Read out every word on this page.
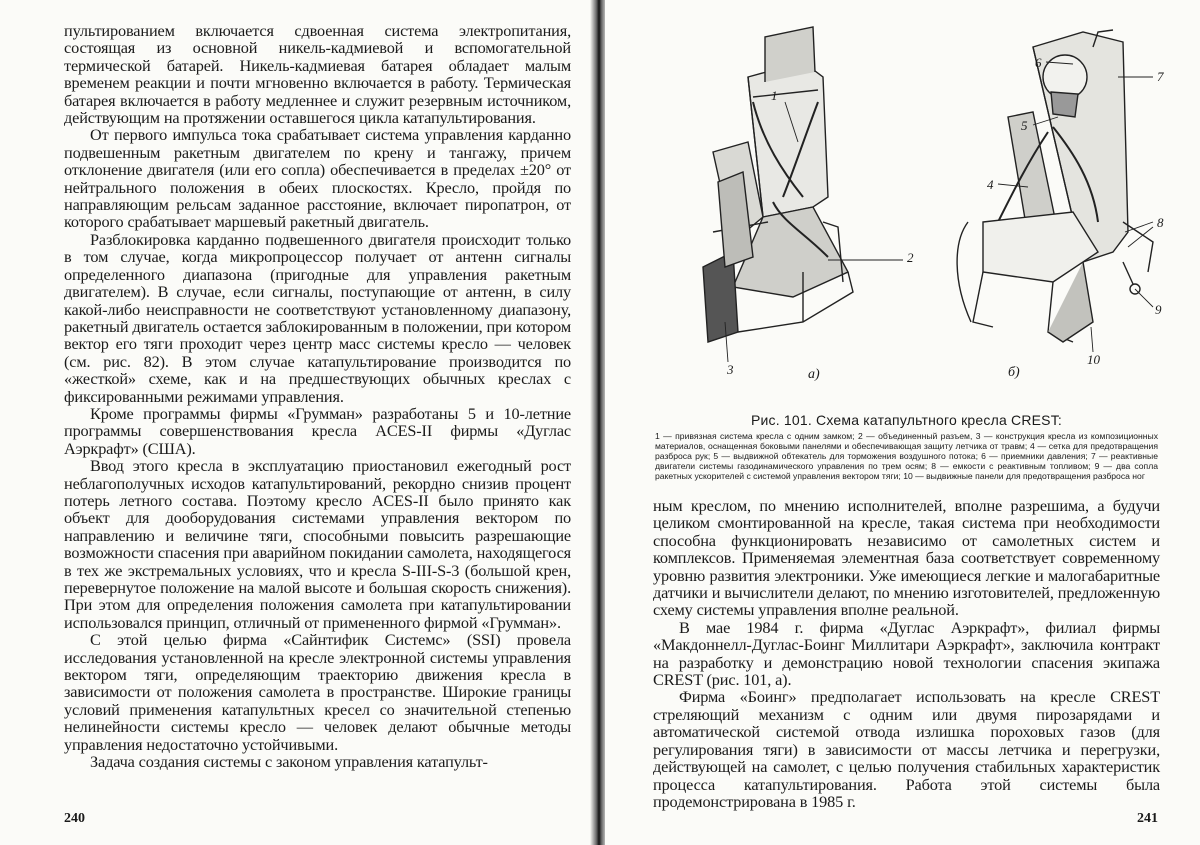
пультированием включается сдвоенная система электропитания, состоящая из основной никель-кадмиевой и вспомогательной термической батарей. Никель-кадмиевая батарея обладает малым временем реакции и почти мгновенно включается в работу. Термическая батарея включается в работу медленнее и служит резервным источником, действующим на протяжении оставшегося цикла катапультирования.

От первого импульса тока срабатывает система управления карданно подвешенным ракетным двигателем по крену и тангажу, причем отклонение двигателя (или его сопла) обеспечивается в пределах ±20° от нейтрального положения в обеих плоскостях. Кресло, пройдя по направляющим рельсам заданное расстояние, включает пиропатрон, от которого срабатывает маршевый ракетный двигатель.

Разблокировка карданно подвешенного двигателя происходит только в том случае, когда микропроцессор получает от антенн сигналы определенного диапазона (пригодные для управления ракетным двигателем). В случае, если сигналы, поступающие от антенн, в силу какой-либо неисправности не соответствуют установленному диапазону, ракетный двигатель остается заблокированным в положении, при котором вектор его тяги проходит через центр масс системы кресло — человек (см. рис. 82). В этом случае катапультирование производится по «жесткой» схеме, как и на предшествующих обычных креслах с фиксированными режимами управления.

Кроме программы фирмы «Грумман» разработаны 5 и 10-летние программы совершенствования кресла ACES-II фирмы «Дуглас Аэркрафт» (США).

Ввод этого кресла в эксплуатацию приостановил ежегодный рост неблагополучных исходов катапультирований, рекордно снизив процент потерь летного состава. Поэтому кресло ACES-II было принято как объект для дооборудования системами управления вектором по направлению и величине тяги, способными повысить разрешающие возможности спасения при аварийном покидании самолета, находящегося в тех же экстремальных условиях, что и кресла S-III-S-3 (большой крен, перевернутое положение на малой высоте и большая скорость снижения). При этом для определения положения самолета при катапультировании использовался принцип, отличный от примененного фирмой «Грумман».

С этой целью фирма «Сайнтифик Системс» (SSI) провела исследования установленной на кресле электронной системы управления вектором тяги, определяющим траекторию движения кресла в зависимости от положения самолета в пространстве. Широкие границы условий применения катапультных кресел со значительной степенью нелинейности системы кресло — человек делают обычные методы управления недостаточно устойчивыми.

Задача создания системы с законом управления катапульт-

240
1
2
3
4
5
6
7
8
9
10
а)	б)

Рис. 101. Схема катапультного кресла CREST:

1 — привязная система кресла с одним замком; 2 — объединенный разъем, 3 — конструкция кресла из композиционных материалов, оснащенная боковыми панелями и обеспечивающая защиту летчика от травм; 4 — сетка для предотвращения разброса рук; 5 — выдвижной обтекатель для торможения воздушного потока; 6 — приемники давления; 7 — реактивные двигатели системы газодинамического управления по трем осям; 8 — емкости с реактивным топливом; 9 — два сопла ракетных ускорителей с системой управления вектором тяги; 10 — выдвижные панели для предотвращения разброса ног

ным креслом, по мнению исполнителей, вполне разрешима, а будучи целиком смонтированной на кресле, такая система при необходимости способна функционировать независимо от самолетных систем и комплексов. Применяемая элементная база соответствует современному уровню развития электроники. Уже имеющиеся легкие и малогабаритные датчики и вычислители делают, по мнению изготовителей, предложенную схему системы управления вполне реальной.

В мае 1984 г. фирма «Дуглас Аэркрафт», филиал фирмы «Макдоннелл-Дуглас-Боинг Миллитари Аэркрафт», заключила контракт на разработку и демонстрацию новой технологии спасения экипажа CREST (рис. 101, а).

Фирма «Боинг» предполагает использовать на кресле CREST стреляющий механизм с одним или двумя пирозарядами и автоматической системой отвода излишка пороховых газов (для регулирования тяги) в зависимости от массы летчика и перегрузки, действующей на самолет, с целью получения стабильных характеристик процесса катапультирования. Работа этой системы была продемонстрирована в 1985 г.

241
